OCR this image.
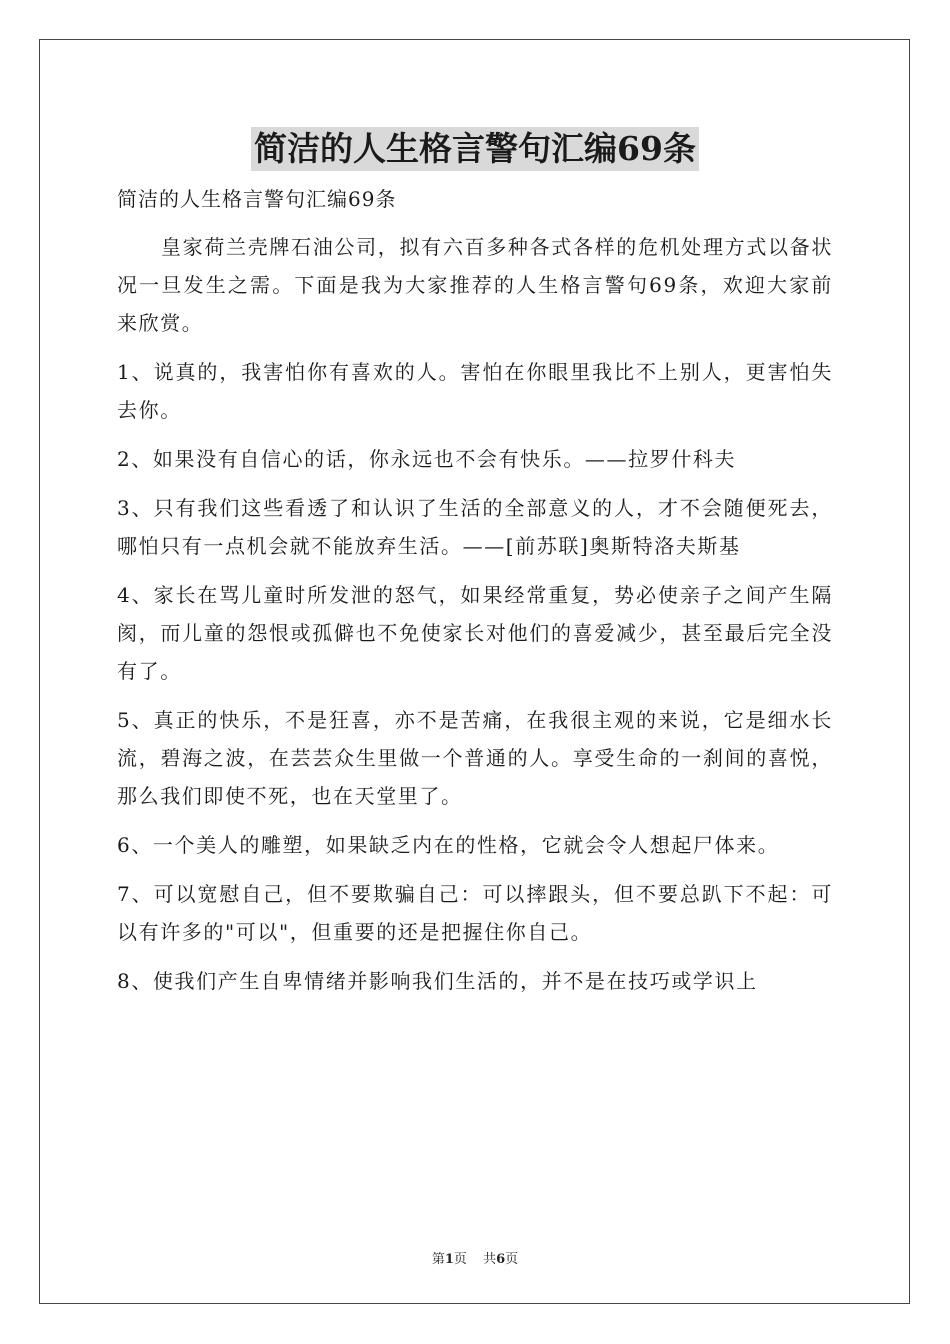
简洁的人生格言警句汇编69条

简洁的人生格言警句汇编69条

皇家荷兰壳牌石油公司，拟有六百多种各式各样的危机处理方式以备状况一旦发生之需。下面是我为大家推荐的人生格言警句69条，欢迎大家前来欣赏。

1、说真的，我害怕你有喜欢的人。害怕在你眼里我比不上别人，更害怕失去你。

2、如果没有自信心的话，你永远也不会有快乐。——拉罗什科夫

3、只有我们这些看透了和认识了生活的全部意义的人，才不会随便死去，哪怕只有一点机会就不能放弃生活。——[前苏联]奥斯特洛夫斯基

4、家长在骂儿童时所发泄的怒气，如果经常重复，势必使亲子之间产生隔阂，而儿童的怨恨或孤僻也不免使家长对他们的喜爱减少，甚至最后完全没有了。

5、真正的快乐，不是狂喜，亦不是苦痛，在我很主观的来说，它是细水长流，碧海之波，在芸芸众生里做一个普通的人。享受生命的一刹间的喜悦，那么我们即使不死，也在天堂里了。

6、一个美人的雕塑，如果缺乏内在的性格，它就会令人想起尸体来。

7、可以宽慰自己，但不要欺骗自己：可以摔跟头，但不要总趴下不起：可以有许多的"可以"，但重要的还是把握住你自己。

8、使我们产生自卑情绪并影响我们生活的，并不是在技巧或学识上

第1页 共6页
